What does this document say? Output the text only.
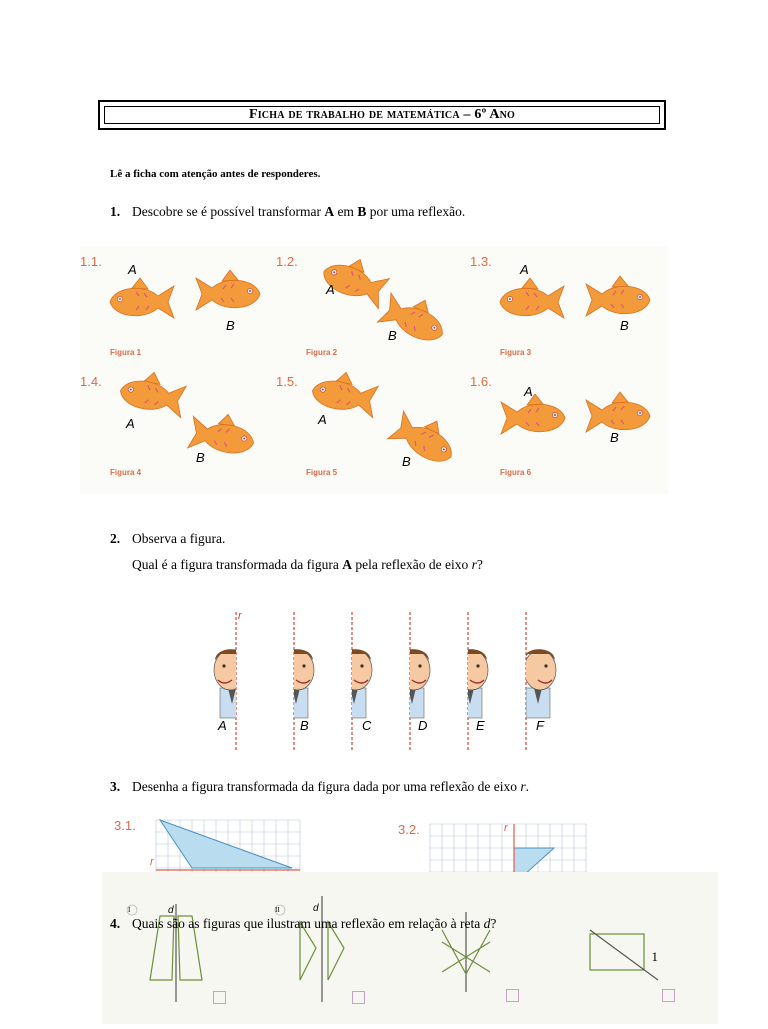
Ficha de trabalho de matemática – 6º Ano
Lê a ficha com atenção antes de responderes.
1. Descobre se é possível transformar A em B por uma reflexão.
1.1.	1.2.	1.3.
1.4.	1.5.	1.6.
A
B
A
B
A
B
A
B
A
B
A
B
Figura 1	Figura 2	Figura 3
Figura 4	Figura 5	Figura 6
2. Observa a figura.
Qual é a figura transformada da figura A pela reflexão de eixo r?
r
A	B	C	D	E	F
3. Desenha a figura transformada da figura dada por uma reflexão de eixo r.
3.1.
r
3.2.	r
I	II
d	d
4. Quais são as figuras que ilustram uma reflexão em relação à reta d?
1
